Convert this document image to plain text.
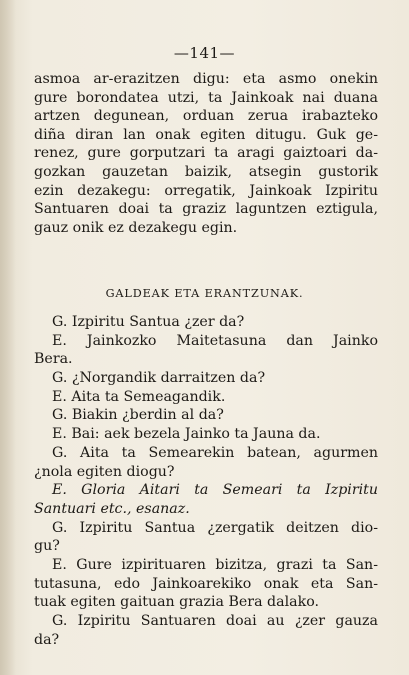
—141—
asmoa ar-erazitzen digu: eta asmo onekin
gure borondatea utzi, ta Jainkoak nai duana
artzen degunean, orduan zerua irabazteko
diña diran lan onak egiten ditugu. Guk ge-
renez, gure gorputzari ta aragi gaiztoari da-
gozkan gauzetan baizik, atsegin gustorik
ezin dezakegu: orregatik, Jainkoak Izpiritu
Santuaren doai ta graziz laguntzen eztigula,
gauz onik ez dezakegu egin.
GALDEAK ETA ERANTZUNAK.
G. Izpiritu Santua ¿zer da?
E. Jainkozko Maitetasuna dan Jainko
Bera.
G. ¿Norgandik darraitzen da?
E. Aita ta Semeagandik.
G. Biakin ¿berdin al da?
E. Bai: aek bezela Jainko ta Jauna da.
G. Aita ta Semearekin batean, agurmen
¿nola egiten diogu?
E. Gloria Aitari ta Semeari ta Izpiritu
Santuari etc., esanaz.
G. Izpiritu Santua ¿zergatik deitzen dio-
gu?
E. Gure izpirituaren bizitza, grazi ta San-
tutasuna, edo Jainkoarekiko onak eta San-
tuak egiten gaituan grazia Bera dalako.
G. Izpiritu Santuaren doai au ¿zer gauza
da?
